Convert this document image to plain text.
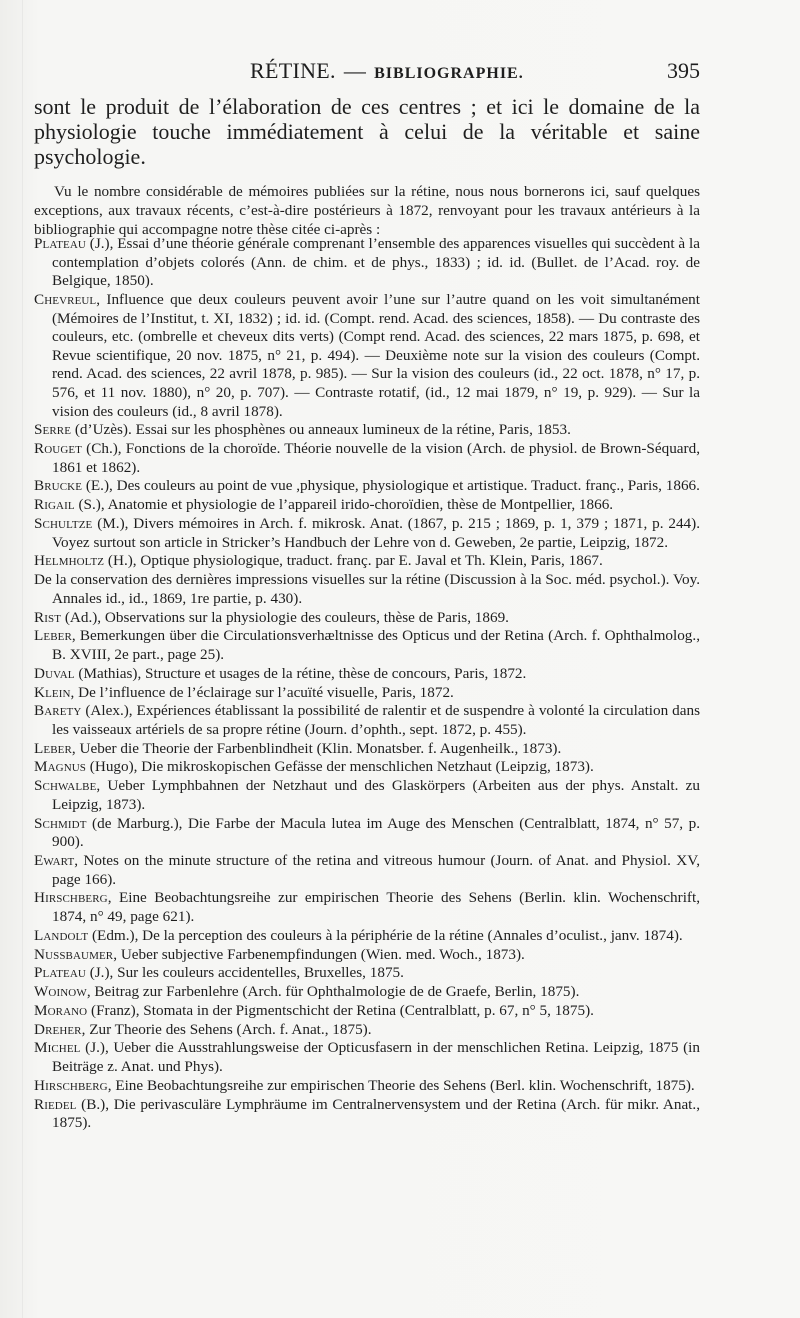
RÉTINE. — BIBLIOGRAPHIE.	395
sont le produit de l’élaboration de ces centres ; et ici le domaine de la physiologie touche immédiatement à celui de la véritable et saine psychologie.
Vu le nombre considérable de mémoires publiées sur la rétine, nous nous bornerons ici, sauf quelques exceptions, aux travaux récents, c’est-à-dire postérieurs à 1872, renvoyant pour les travaux antérieurs à la bibliographie qui accompagne notre thèse citée ci-après :
Plateau (J.), Essai d’une théorie générale comprenant l’ensemble des apparences visuelles qui succèdent à la contemplation d’objets colorés (Ann. de chim. et de phys., 1833) ; id. id. (Bullet. de l’Acad. roy. de Belgique, 1850).
Chevreul, Influence que deux couleurs peuvent avoir l’une sur l’autre quand on les voit simultanément (Mémoires de l’Institut, t. XI, 1832) ; id. id. (Compt. rend. Acad. des sciences, 1858). — Du contraste des couleurs, etc. (ombrelle et cheveux dits verts) (Compt rend. Acad. des sciences, 22 mars 1875, p. 698, et Revue scientifique, 20 nov. 1875, n° 21, p. 494). — Deuxième note sur la vision des couleurs (Compt. rend. Acad. des sciences, 22 avril 1878, p. 985). — Sur la vision des couleurs (id., 22 oct. 1878, n° 17, p. 576, et 11 nov. 1880), n° 20, p. 707). — Contraste rotatif, (id., 12 mai 1879, n° 19, p. 929). — Sur la vision des couleurs (id., 8 avril 1878).
Serre (d’Uzès). Essai sur les phosphènes ou anneaux lumineux de la rétine, Paris, 1853.
Rouget (Ch.), Fonctions de la choroïde. Théorie nouvelle de la vision (Arch. de physiol. de Brown-Séquard, 1861 et 1862).
Brucke (E.), Des couleurs au point de vue ,physique, physiologique et artistique. Traduct. franç., Paris, 1866.
Rigail (S.), Anatomie et physiologie de l’appareil irido-choroïdien, thèse de Montpellier, 1866.
Schultze (M.), Divers mémoires in Arch. f. mikrosk. Anat. (1867, p. 215 ; 1869, p. 1, 379 ; 1871, p. 244). Voyez surtout son article in Stricker’s Handbuch der Lehre von d. Geweben, 2e partie, Leipzig, 1872.
Helmholtz (H.), Optique physiologique, traduct. franç. par E. Javal et Th. Klein, Paris, 1867.
De la conservation des dernières impressions visuelles sur la rétine (Discussion à la Soc. méd. psychol.). Voy. Annales id., id., 1869, 1re partie, p. 430).
Rist (Ad.), Observations sur la physiologie des couleurs, thèse de Paris, 1869.
Leber, Bemerkungen über die Circulationsverhæltnisse des Opticus und der Retina (Arch. f. Ophthalmolog., B. XVIII, 2e part., page 25).
Duval (Mathias), Structure et usages de la rétine, thèse de concours, Paris, 1872.
Klein, De l’influence de l’éclairage sur l’acuïté visuelle, Paris, 1872.
Barety (Alex.), Expériences établissant la possibilité de ralentir et de suspendre à volonté la circulation dans les vaisseaux artériels de sa propre rétine (Journ. d’ophth., sept. 1872, p. 455).
Leber, Ueber die Theorie der Farbenblindheit (Klin. Monatsber. f. Augenheilk., 1873).
Magnus (Hugo), Die mikroskopischen Gefässe der menschlichen Netzhaut (Leipzig, 1873).
Schwalbe, Ueber Lymphbahnen der Netzhaut und des Glaskörpers (Arbeiten aus der phys. Anstalt. zu Leipzig, 1873).
Schmidt (de Marburg.), Die Farbe der Macula lutea im Auge des Menschen (Centralblatt, 1874, n° 57, p. 900).
Ewart, Notes on the minute structure of the retina and vitreous humour (Journ. of Anat. and Physiol. XV, page 166).
Hirschberg, Eine Beobachtungsreihe zur empirischen Theorie des Sehens (Berlin. klin. Wochenschrift, 1874, n° 49, page 621).
Landolt (Edm.), De la perception des couleurs à la périphérie de la rétine (Annales d’oculist., janv. 1874).
Nussbaumer, Ueber subjective Farbenempfindungen (Wien. med. Woch., 1873).
Plateau (J.), Sur les couleurs accidentelles, Bruxelles, 1875.
Woinow, Beitrag zur Farbenlehre (Arch. für Ophthalmologie de de Graefe, Berlin, 1875).
Morano (Franz), Stomata in der Pigmentschicht der Retina (Centralblatt, p. 67, n° 5, 1875).
Dreher, Zur Theorie des Sehens (Arch. f. Anat., 1875).
Michel (J.), Ueber die Ausstrahlungsweise der Opticusfasern in der menschlichen Retina. Leipzig, 1875 (in Beiträge z. Anat. und Phys).
Hirschberg, Eine Beobachtungsreihe zur empirischen Theorie des Sehens (Berl. klin. Wochenschrift, 1875).
Riedel (B.), Die perivasculäre Lymphräume im Centralnervensystem und der Retina (Arch. für mikr. Anat., 1875).
